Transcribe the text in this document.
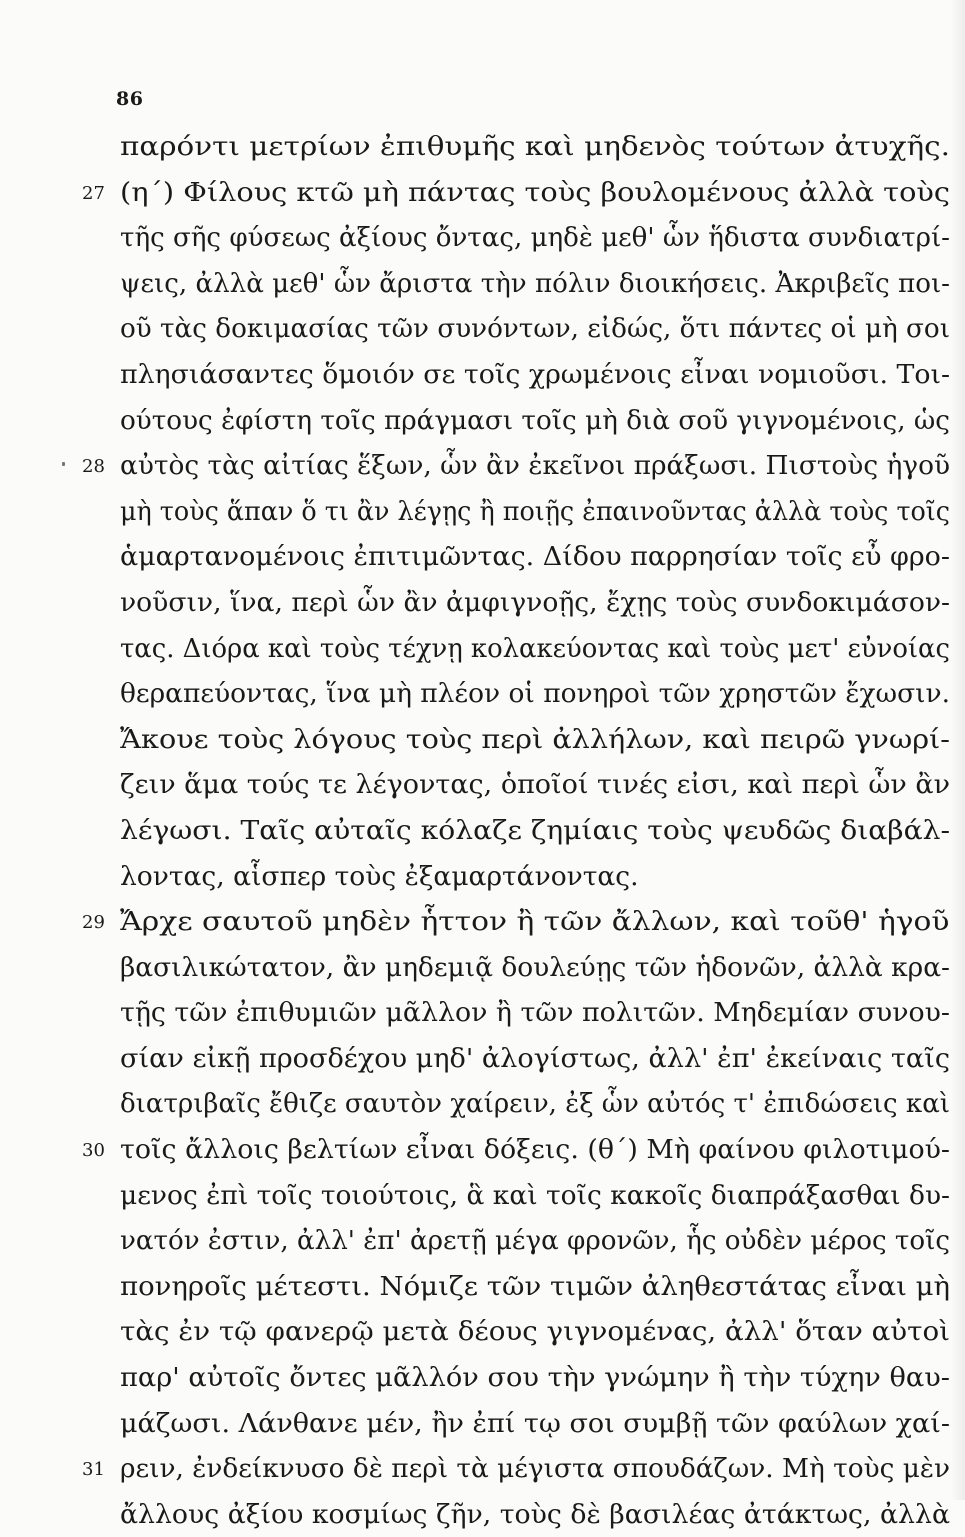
86
παρόντι μετρίων ἐπιθυμῆς καὶ μηδενὸς τούτων ἀτυχῆς.
27 (η΄) Φίλους κτῶ μὴ πάντας τοὺς βουλομένους ἀλλὰ τοὺς
τῆς σῆς φύσεως ἀξίους ὄντας, μηδὲ μεθ' ὧν ἥδιστα συνδιατρί-
ψεις, ἀλλὰ μεθ' ὧν ἄριστα τὴν πόλιν διοικήσεις. Ἀκριβεῖς ποι-
οῦ τὰς δοκιμασίας τῶν συνόντων, εἰδώς, ὅτι πάντες οἱ μὴ σοι
πλησιάσαντες ὅμοιόν σε τοῖς χρωμένοις εἶναι νομιοῦσι. Τοι-
ούτους ἐφίστη τοῖς πράγμασι τοῖς μὴ διὰ σοῦ γιγνομένοις, ὡς
28 αὐτὸς τὰς αἰτίας ἕξων, ὧν ἂν ἐκεῖνοι πράξωσι. Πιστοὺς ἡγοῦ
μὴ τοὺς ἅπαν ὅ τι ἂν λέγῃς ἢ ποιῇς ἐπαινοῦντας ἀλλὰ τοὺς τοῖς
ἁμαρτανομένοις ἐπιτιμῶντας. Δίδου παρρησίαν τοῖς εὖ φρο-
νοῦσιν, ἵνα, περὶ ὧν ἂν ἀμφιγνοῇς, ἔχῃς τοὺς συνδοκιμάσον-
τας. Διόρα καὶ τοὺς τέχνῃ κολακεύοντας καὶ τοὺς μετ' εὐνοίας
θεραπεύοντας, ἵνα μὴ πλέον οἱ πονηροὶ τῶν χρηστῶν ἔχωσιν.
Ἄκουε τοὺς λόγους τοὺς περὶ ἀλλήλων, καὶ πειρῶ γνωρί-
ζειν ἅμα τούς τε λέγοντας, ὁποῖοί τινές εἰσι, καὶ περὶ ὧν ἂν
λέγωσι. Ταῖς αὐταῖς κόλαζε ζημίαις τοὺς ψευδῶς διαβάλ-
λοντας, αἷσπερ τοὺς ἐξαμαρτάνοντας.
29 Ἄρχε σαυτοῦ μηδὲν ἧττον ἢ τῶν ἄλλων, καὶ τοῦθ' ἡγοῦ
βασιλικώτατον, ἂν μηδεμιᾷ δουλεύῃς τῶν ἡδονῶν, ἀλλὰ κρα-
τῇς τῶν ἐπιθυμιῶν μᾶλλον ἢ τῶν πολιτῶν. Μηδεμίαν συνου-
σίαν εἰκῇ προσδέχου μηδ' ἀλογίστως, ἀλλ' ἐπ' ἐκείναις ταῖς
διατριβαῖς ἔθιζε σαυτὸν χαίρειν, ἐξ ὧν αὐτός τ' ἐπιδώσεις καὶ
30 τοῖς ἄλλοις βελτίων εἶναι δόξεις. (θ΄) Μὴ φαίνου φιλοτιμού-
μενος ἐπὶ τοῖς τοιούτοις, ἃ καὶ τοῖς κακοῖς διαπράξασθαι δυ-
νατόν ἐστιν, ἀλλ' ἐπ' ἀρετῇ μέγα φρονῶν, ἧς οὐδὲν μέρος τοῖς
πονηροῖς μέτεστι. Νόμιζε τῶν τιμῶν ἀληθεστάτας εἶναι μὴ
τὰς ἐν τῷ φανερῷ μετὰ δέους γιγνομένας, ἀλλ' ὅταν αὐτοὶ
παρ' αὐτοῖς ὄντες μᾶλλόν σου τὴν γνώμην ἢ τὴν τύχην θαυ-
μάζωσι. Λάνθανε μέν, ἢν ἐπί τῳ σοι συμβῇ τῶν φαύλων χαί-
31 ρειν, ἐνδείκνυσο δὲ περὶ τὰ μέγιστα σπουδάζων. Μὴ τοὺς μὲν
ἄλλους ἀξίου κοσμίως ζῆν, τοὺς δὲ βασιλέας ἀτάκτως, ἀλλὰ
